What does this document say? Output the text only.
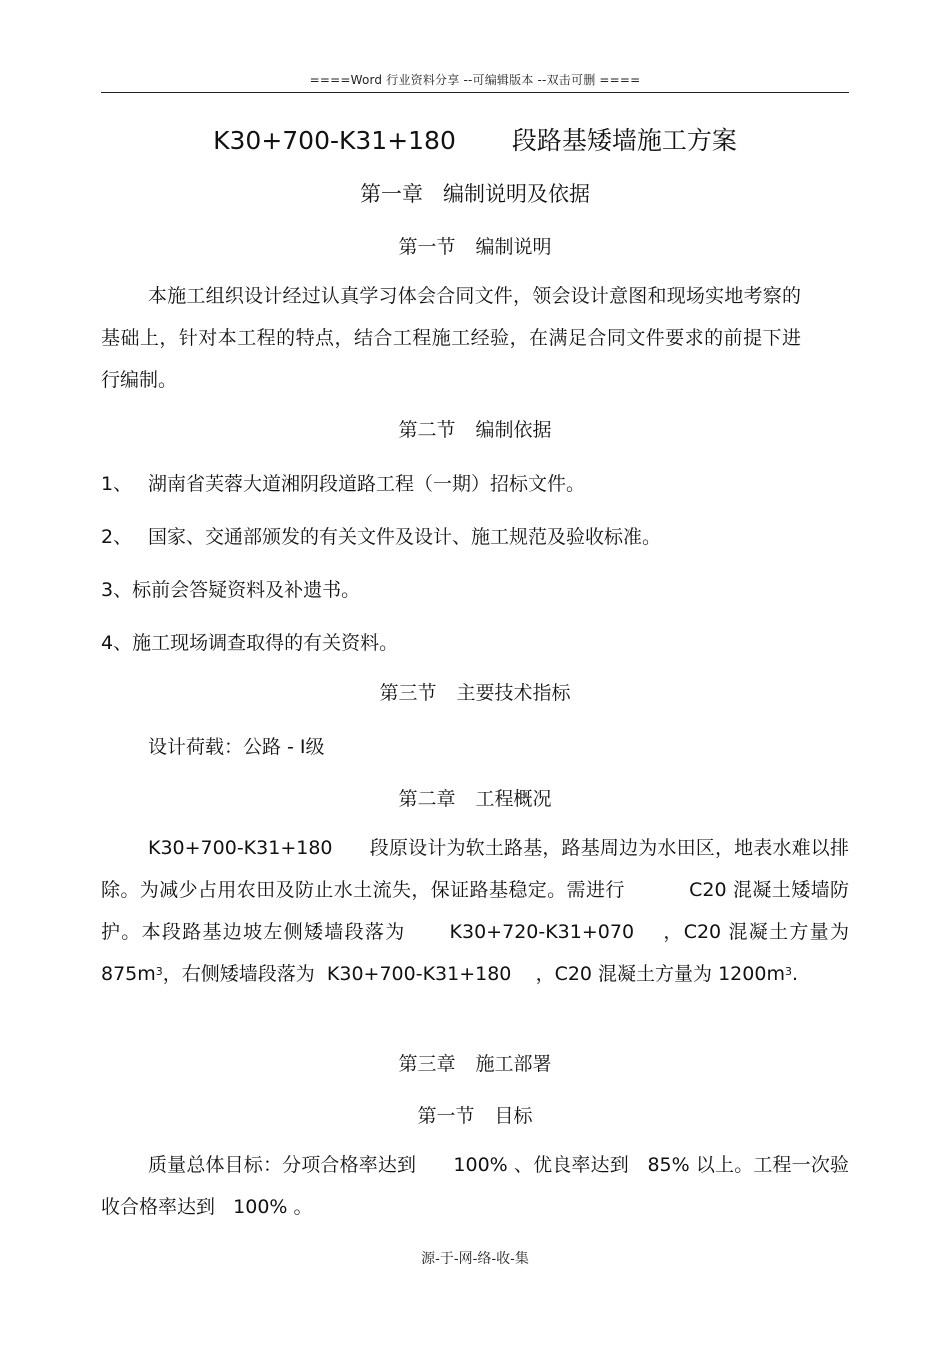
====Word 行业资料分享 --可编辑版本 --双击可删 ====
K30+700-K31+180 段路基矮墙施工方案
第一章 编制说明及依据
第一节 编制说明
本施工组织设计经过认真学习体会合同文件，领会设计意图和现场实地考察的基础上，针对本工程的特点，结合工程施工经验，在满足合同文件要求的前提下进行编制。
第二节 编制依据
1、 湖南省芙蓉大道湘阴段道路工程（一期）招标文件。
2、 国家、交通部颁发的有关文件及设计、施工规范及验收标准。
3、标前会答疑资料及补遗书。
4、施工现场调查取得的有关资料。
第三节 主要技术指标
设计荷载：公路 - Ⅰ级
第二章 工程概况
K30+700-K31+180 段原设计为软土路基，路基周边为水田区，地表水难以排除。为减少占用农田及防止水土流失，保证路基稳定。需进行	C20 混凝土矮墙防护。本段路基边坡左侧矮墙段落为 K30+720-K31+070 ，C20 混凝土方量为 $875m^3$，右侧矮墙段落为 K30+700-K31+180 ，C20 混凝土方量为 $1200m^3$.
第三章 施工部署
第一节 目标
质量总体目标：分项合格率达到 100% 、优良率达到 85% 以上。工程一次验收合格率达到 100% 。
源-于-网-络-收-集
